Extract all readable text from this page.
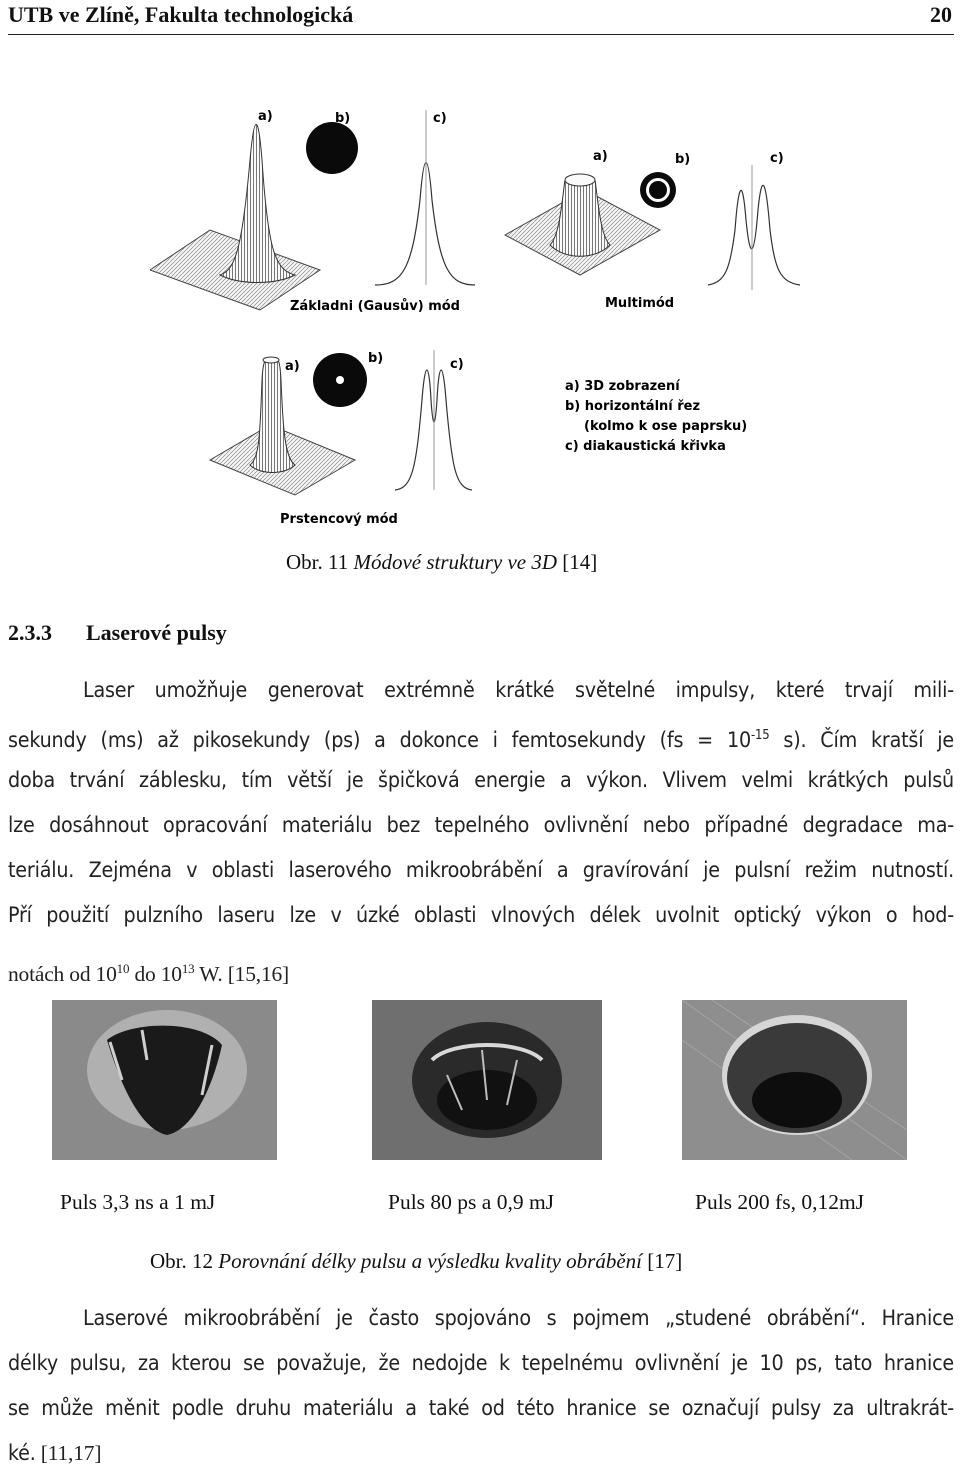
UTB ve Zlíně, Fakulta technologická	20
a)	b)	c)
Základni (Gausův) mód
a)	b)	c)
Multimód
a)
b)	c)
Prstencový mód
a) 3D zobrazení
b) horizontální řez
(kolmo k ose paprsku)
c) diakaustická křivka
Obr. 11 Módové struktury ve 3D [14]
2.3.3 Laserové pulsy
Laser umožňuje generovat extrémně krátké světelné impulsy, které trvají mili-
sekundy (ms) až pikosekundy (ps) a dokonce i femtosekundy ($fs = 10^{-15}$ s). Čím kratší je
doba trvání záblesku, tím větší je špičková energie a výkon. Vlivem velmi krátkých pulsů
lze dosáhnout opracování materiálu bez tepelného ovlivnění nebo případné degradace ma-
teriálu. Zejména v oblasti laserového mikroobrábění a gravírování je pulsní režim nutností.
Pří použití pulzního laseru lze v úzké oblasti vlnových délek uvolnit optický výkon o hod-
notách od $10^{10}$ do $10^{13}$ W. [15,16]
Puls 3,3 ns a 1 mJ	Puls 80 ps a 0,9 mJ	Puls 200 fs, 0,12mJ
Obr. 12 Porovnání délky pulsu a výsledku kvality obrábění [17]
Laserové mikroobrábění je často spojováno s pojmem „studené obrábění“. Hranice
délky pulsu, za kterou se považuje, že nedojde k tepelnému ovlivnění je 10 ps, tato hranice
se může měnit podle druhu materiálu a také od této hranice se označují pulsy za ultrakrát-
ké. [11,17]
